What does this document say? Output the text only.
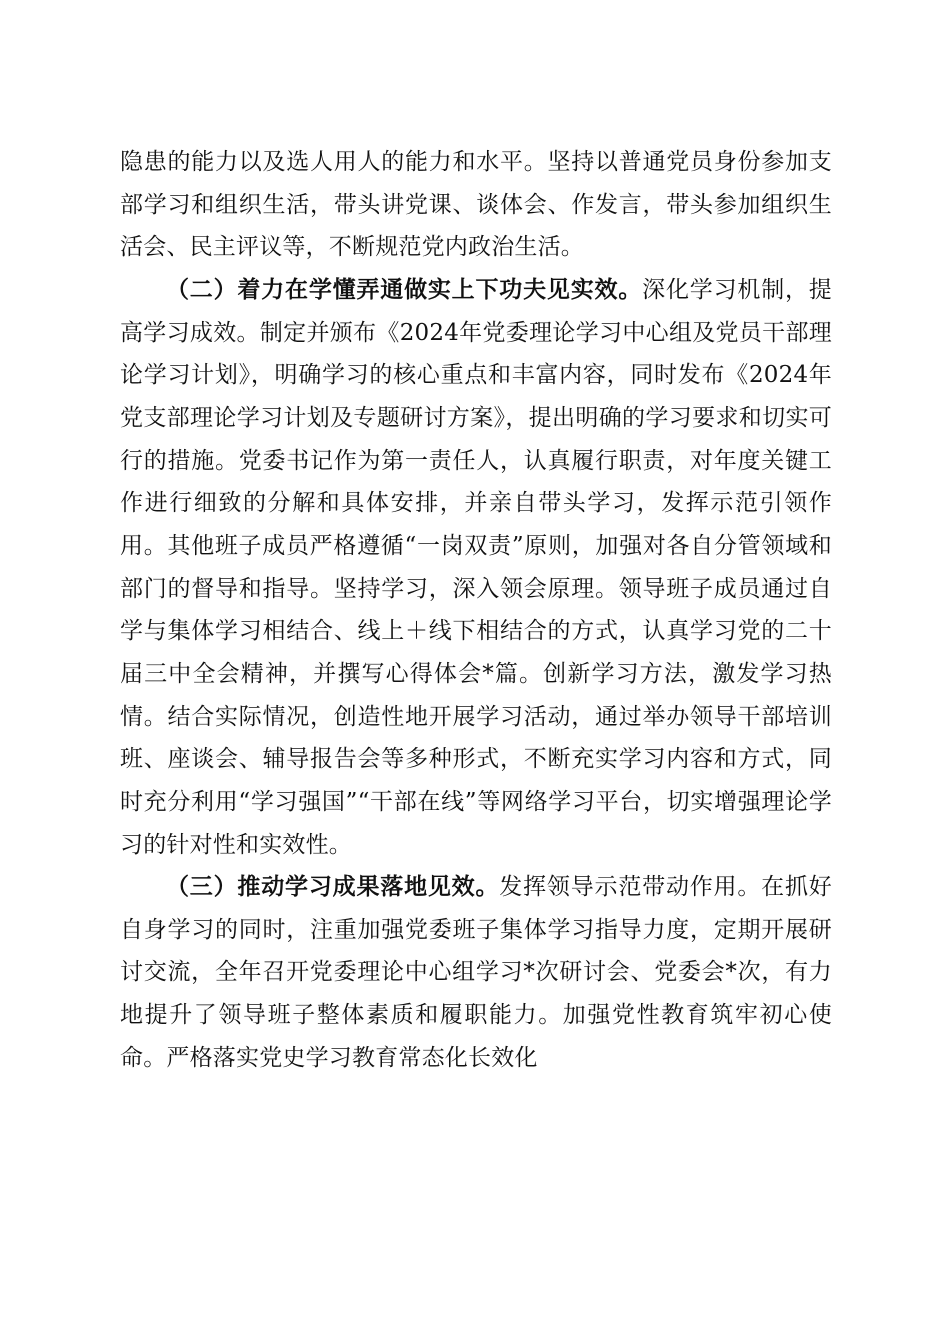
隐患的能力以及选人用人的能力和水平。坚持以普通党员身份参加支部学习和组织生活，带头讲党课、谈体会、作发言，带头参加组织生活会、民主评议等，不断规范党内政治生活。

（二）着力在学懂弄通做实上下功夫见实效。深化学习机制，提高学习成效。制定并颁布《2024年党委理论学习中心组及党员干部理论学习计划》，明确学习的核心重点和丰富内容，同时发布《2024年党支部理论学习计划及专题研讨方案》，提出明确的学习要求和切实可行的措施。党委书记作为第一责任人，认真履行职责，对年度关键工作进行细致的分解和具体安排，并亲自带头学习，发挥示范引领作用。其他班子成员严格遵循“一岗双责”原则，加强对各自分管领域和部门的督导和指导。坚持学习，深入领会原理。领导班子成员通过自学与集体学习相结合、线上＋线下相结合的方式，认真学习党的二十届三中全会精神，并撰写心得体会*篇。创新学习方法，激发学习热情。结合实际情况，创造性地开展学习活动，通过举办领导干部培训班、座谈会、辅导报告会等多种形式，不断充实学习内容和方式，同时充分利用“学习强国”“干部在线”等网络学习平台，切实增强理论学习的针对性和实效性。

（三）推动学习成果落地见效。发挥领导示范带动作用。在抓好自身学习的同时，注重加强党委班子集体学习指导力度，定期开展研讨交流，全年召开党委理论中心组学习*次研讨会、党委会*次，有力地提升了领导班子整体素质和履职能力。加强党性教育筑牢初心使命。严格落实党史学习教育常态化长效化
